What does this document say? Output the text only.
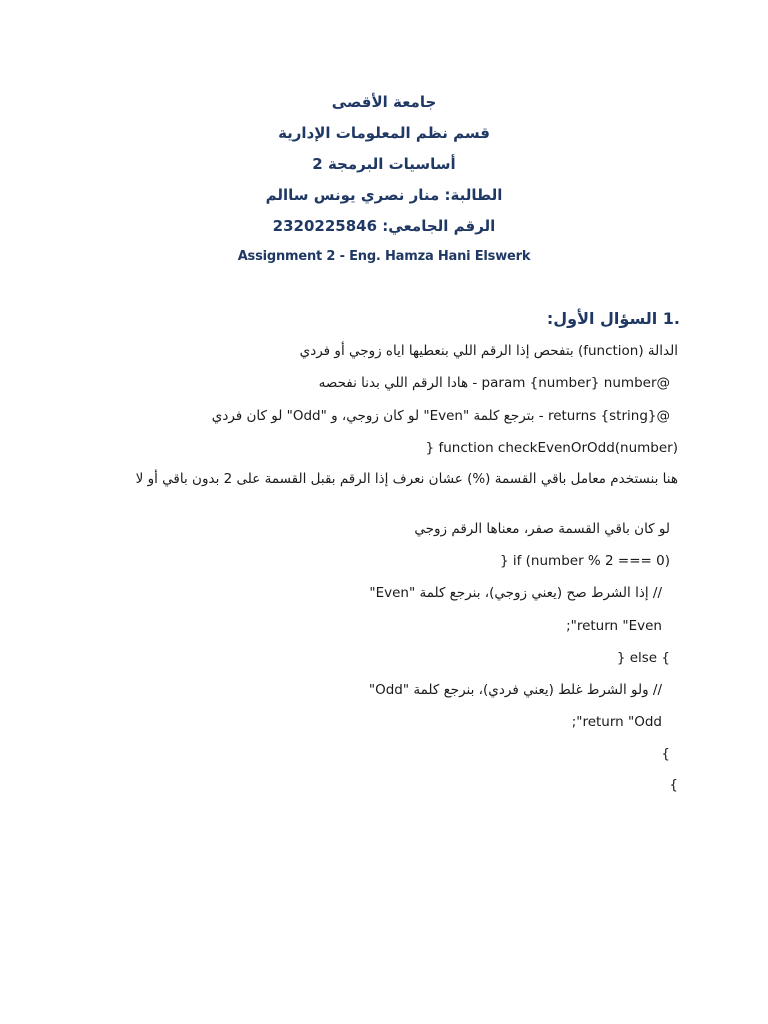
جامعة الأقصى
قسم نظم المعلومات الإدارية
أساسيات البرمجة 2
الطالبة: منار نصري يونس ساالم
الرقم الجامعي: 2320225846
Assignment 2 - Eng. Hamza Hani Elswerk
.1 السؤال الأول:
الدالة (function) بتفحص إذا الرقم اللي بنعطيها اياه زوجي أو فردي
@param {number} number - هادا الرقم اللي بدنا نفحصه
@returns {string} - بترجع كلمة "Even" لو كان زوجي، و "Odd" لو كان فردي
function checkEvenOrOdd(number) {
هنا بنستخدم معامل باقي القسمة (%) عشان نعرف إذا الرقم بقبل القسمة على 2 بدون باقي أو لا
لو كان باقي القسمة صفر، معناها الرقم زوجي
if (number % 2 === 0) {
// إذا الشرط صح (يعني زوجي)، بنرجع كلمة "Even"
return "Even";
} else {
// ولو الشرط غلط (يعني فردي)، بنرجع كلمة "Odd"
return "Odd";
}
}
